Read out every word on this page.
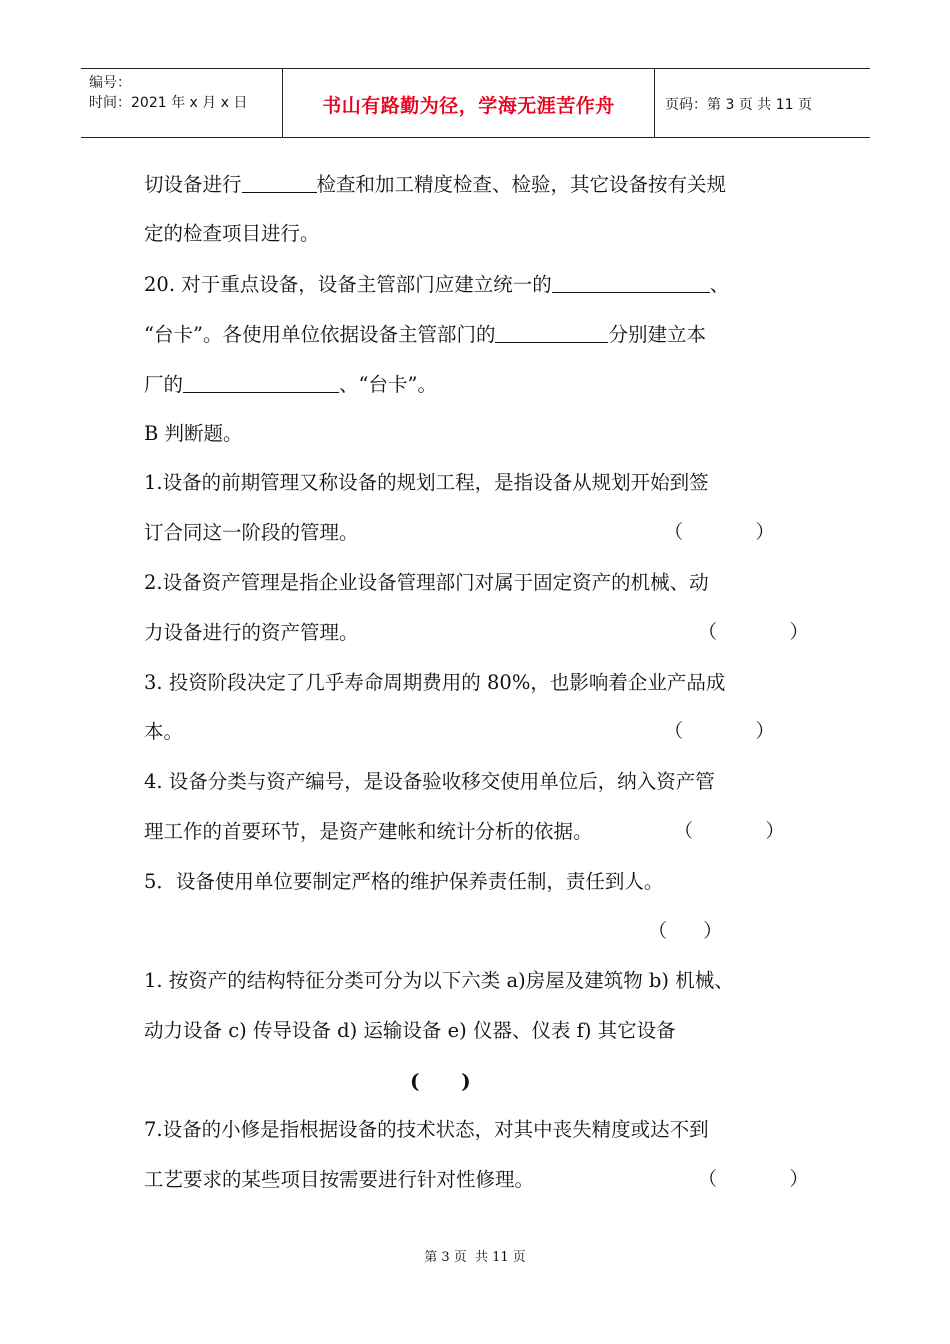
编号：
时间：2021 年 x 月 x 日	书山有路勤为径，学海无涯苦作舟	页码：第 3 页 共 11 页
切设备进行	检查和加工精度检查、检验，其它设备按有关规
定的检查项目进行。
20. 对于重点设备，设备主管部门应建立统一的	、
“台卡”。各使用单位依据设备主管部门的	分别建立本
厂的	、“台卡”。
B 判断题。
1.设备的前期管理又称设备的规划工程，是指设备从规划开始到签
订合同这一阶段的管理。	（            ）
2.设备资产管理是指企业设备管理部门对属于固定资产的机械、动
力设备进行的资产管理。	（            ）
3. 投资阶段决定了几乎寿命周期费用的 80%，也影响着企业产品成
本。	（            ）
4. 设备分类与资产编号，是设备验收移交使用单位后，纳入资产管
理工作的首要环节，是资产建帐和统计分析的依据。	（            ）
5．设备使用单位要制定严格的维护保养责任制，责任到人。
（      ）
1. 按资产的结构特征分类可分为以下六类 a)房屋及建筑物 b) 机械、
动力设备 c) 传导设备 d) 运输设备 e) 仪器、仪表 f) 其它设备
(      )
7.设备的小修是指根据设备的技术状态，对其中丧失精度或达不到
工艺要求的某些项目按需要进行针对性修理。	（            ）
第 3 页  共 11 页
